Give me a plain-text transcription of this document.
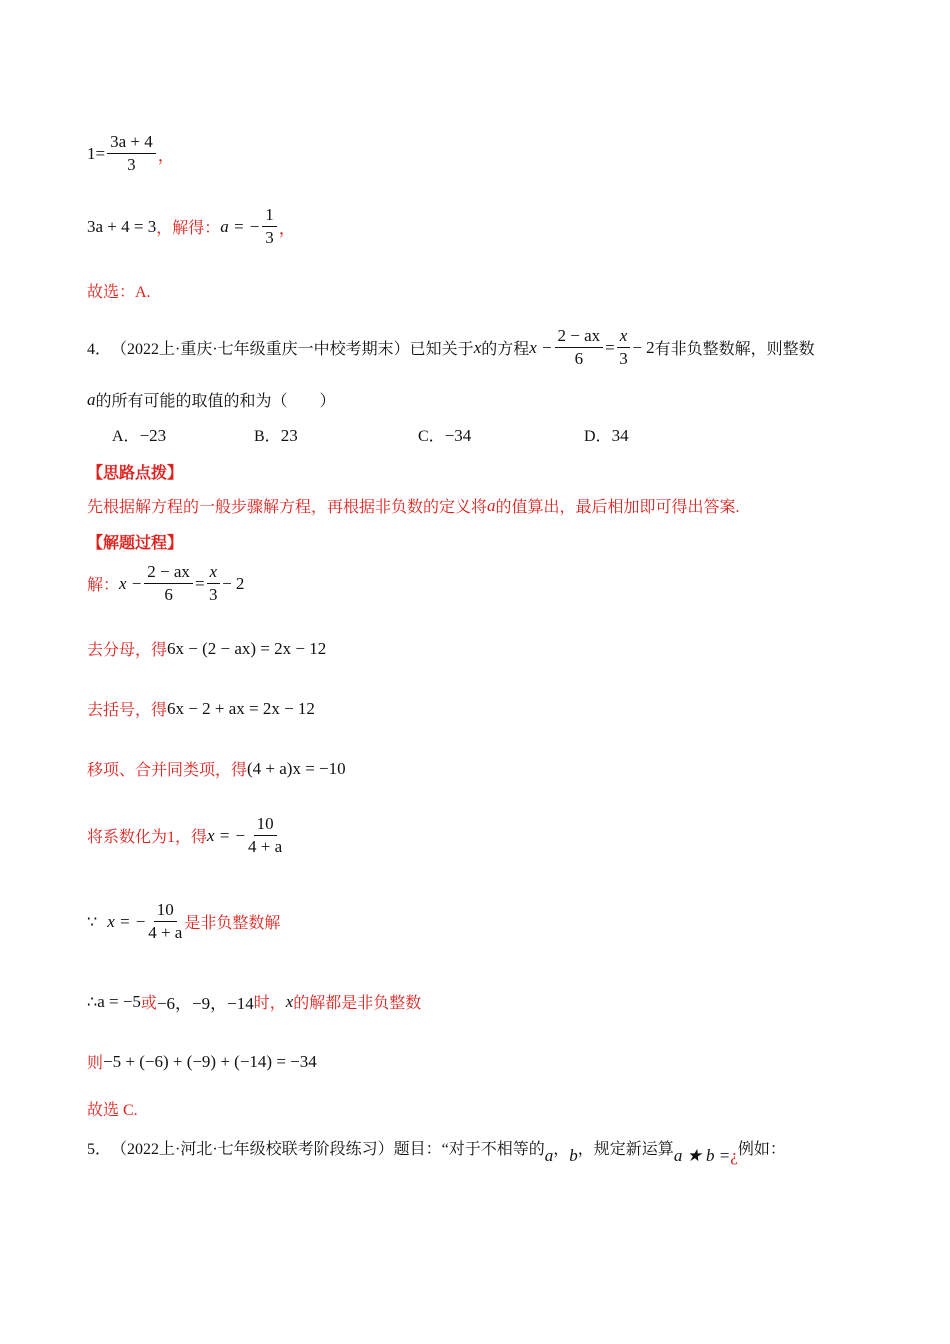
$1 = \frac{3a + 4}{3}$ ，
3a + 4 = 3 ，解得： a = − $\frac{1}{3}$ ，
故选：A.
4． （2022上·重庆·七年级重庆一中校考期末）已知关于 x 的方程 $x - \frac{2 - ax}{6} = \frac{x}{3} - 2$ 有非负整数解，则整数
a 的所有可能的取值的和为（　　）
A．−23	B．23	C．−34	D．34
【思路点拨】
先根据解方程的一般步骤解方程，再根据非负数的定义将 a 的值算出，最后相加即可得出答案.
【解题过程】
解： $x - \frac{2 - ax}{6} = \frac{x}{3} - 2$
去分母，得 6x − (2 − ax) = 2x − 12
去括号，得 6x − 2 + ax = 2x − 12
移项、合并同类项，得 (4 + a)x = −10
将系数化为1，得 x = − $\frac{10}{4 + a}$
∵ x = − $\frac{10}{4 + a}$ 是非负整数解
∴ a = −5 或 −6，−9，−14 时， x 的解都是非负整数
则 −5 + (−6) + (−9) + (−14) = −34
故选 C.
5． （2022上·河北·七年级校联考阶段练习）题目：“对于不相等的 a ， b ，规定新运算 a ★ b = ¿ 例如：
